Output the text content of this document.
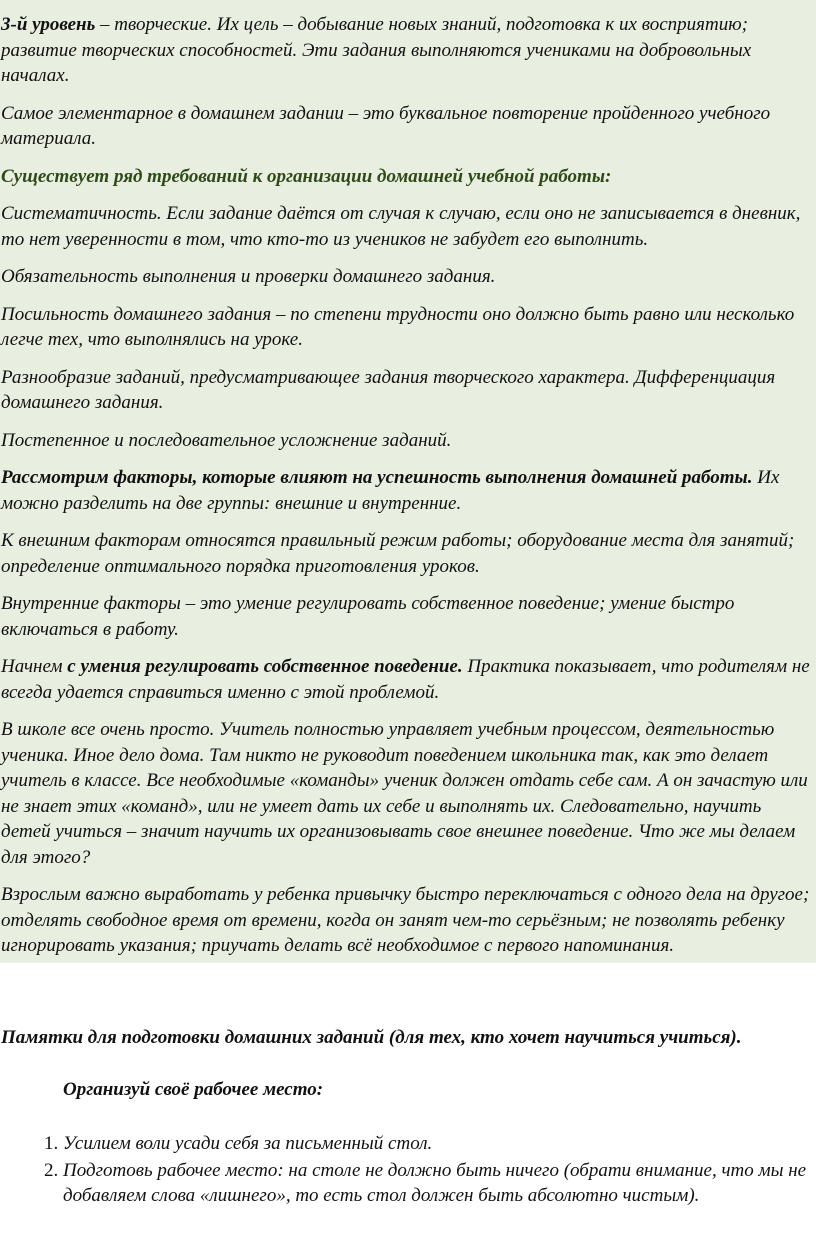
3-й уровень – творческие. Их цель – добывание новых знаний, подготовка к их восприятию; развитие творческих способностей. Эти задания выполняются учениками на добровольных началах.

Самое элементарное в домашнем задании – это буквальное повторение пройденного учебного материала.

Существует ряд требований к организации домашней учебной работы:

Систематичность. Если задание даётся от случая к случаю, если оно не записывается в дневник, то нет уверенности в том, что кто-то из учеников не забудет его выполнить.

Обязательность выполнения и проверки домашнего задания.

Посильность домашнего задания – по степени трудности оно должно быть равно или несколько легче тех, что выполнялись на уроке.

Разнообразие заданий, предусматривающее задания творческого характера. Дифференциация домашнего задания.

Постепенное и последовательное усложнение заданий.

Рассмотрим факторы, которые влияют на успешность выполнения домашней работы. Их можно разделить на две группы: внешние и внутренние.

К внешним факторам относятся правильный режим работы; оборудование места для занятий; определение оптимального порядка приготовления уроков.

Внутренние факторы – это умение регулировать собственное поведение; умение быстро включаться в работу.

Начнем с умения регулировать собственное поведение. Практика показывает, что родителям не всегда удается справиться именно с этой проблемой.

В школе все очень просто. Учитель полностью управляет учебным процессом, деятельностью ученика. Иное дело дома. Там никто не руководит поведением школьника так, как это делает учитель в классе. Все необходимые «команды» ученик должен отдать себе сам. А он зачастую или не знает этих «команд», или не умеет дать их себе и выполнять их. Следовательно, научить детей учиться – значит научить их организовывать свое внешнее поведение. Что же мы делаем для этого?

Взрослым важно выработать у ребенка привычку быстро переключаться с одного дела на другое; отделять свободное время от времени, когда он занят чем-то серьёзным; не позволять ребенку игнорировать указания; приучать делать всё необходимое с первого напоминания.

Памятки для подготовки домашних заданий (для тех, кто хочет научиться учиться).

Организуй своё рабочее место:

1. Усилием воли усади себя за письменный стол.
2. Подготовь рабочее место: на столе не должно быть ничего (обрати внимание, что мы не добавляем слова «лишнего», то есть стол должен быть абсолютно чистым).
